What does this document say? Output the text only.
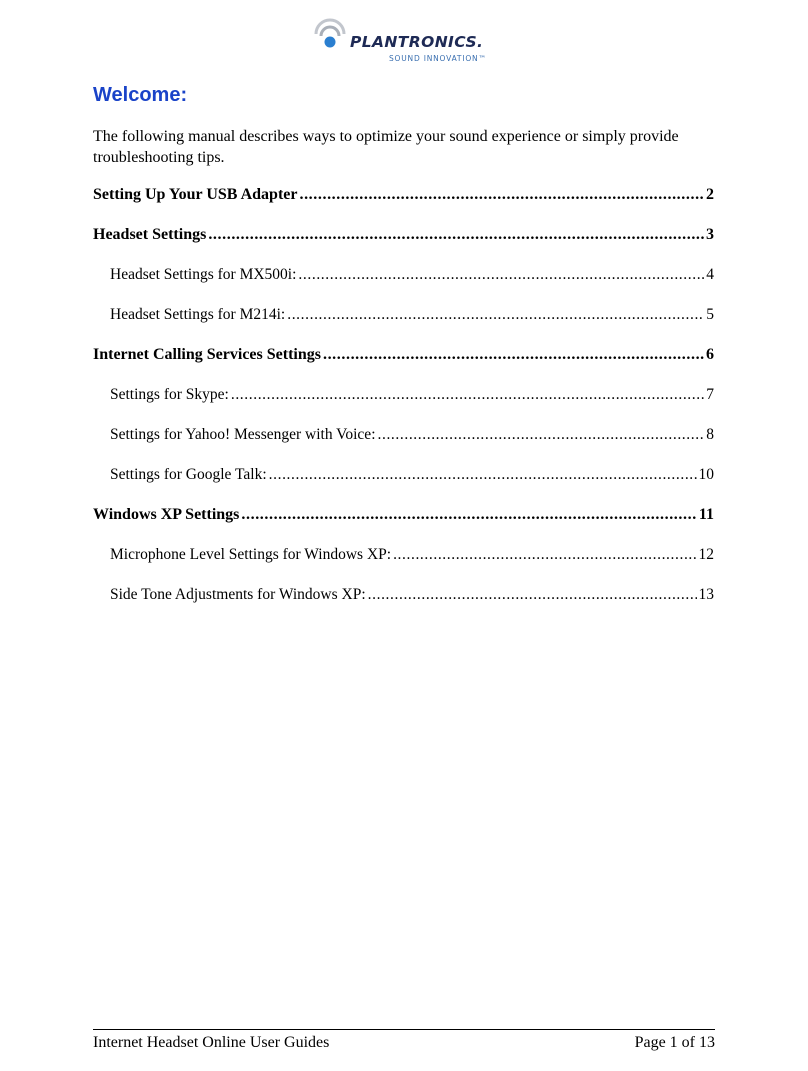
PLANTRONICS.
SOUND INNOVATION™
Welcome:

The following manual describes ways to optimize your sound experience or simply provide troubleshooting tips.

Setting Up Your USB Adapter .....	2
Headset Settings .....	3
Headset Settings for MX500i: .....	4
Headset Settings for M214i: .....	5
Internet Calling Services Settings .....	6
Settings for Skype: .....	7
Settings for Yahoo! Messenger with Voice: .....	8
Settings for Google Talk: .....	10
Windows XP Settings .....	11
Microphone Level Settings for Windows XP: .....	12
Side Tone Adjustments for Windows XP: .....	13
Internet Headset Online User Guides	Page 1 of 13
